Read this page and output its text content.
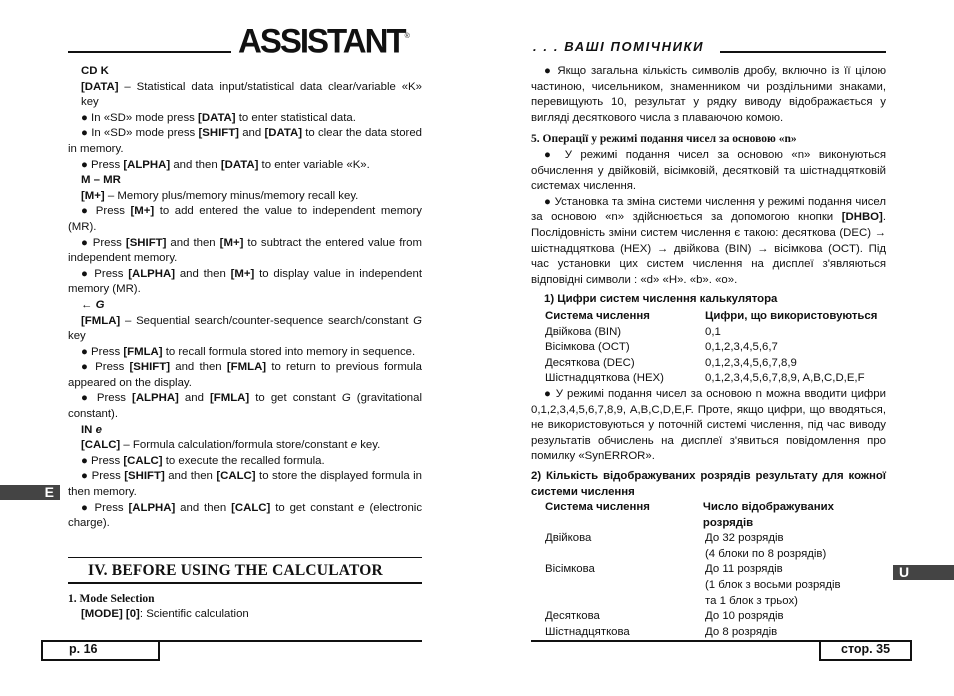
ASSISTANT®
. . . ВАШІ ПОМІЧНИКИ

CD K

[DATA] – Statistical data input/statistical data clear/variable «K» key

● In «SD» mode press [DATA] to enter statistical data.

● In «SD» mode press [SHIFT] and [DATA] to clear the data stored in memory.

● Press [ALPHA] and then [DATA] to enter variable «K».

M – MR

[M+] – Memory plus/memory minus/memory recall key.

● Press [M+] to add entered the value to independent memory (MR).

● Press [SHIFT] and then [M+] to subtract the entered value from independent memory.

● Press [ALPHA] and then [M+] to display value in independent memory (MR).

← G

[FMLA] – Sequential search/counter-sequence search/constant G key

● Press [FMLA] to recall formula stored into memory in sequence.

● Press [SHIFT] and then [FMLA] to return to previous formula appeared on the display.

● Press [ALPHA] and [FMLA] to get constant G (gravitational constant).

IN e

[CALC] – Formula calculation/formula store/constant e key.

● Press [CALC] to execute the recalled formula.

● Press [SHIFT] and then [CALC] to store the displayed formula in then memory.

● Press [ALPHA] and then [CALC] to get constant e (electronic charge).

E
IV. BEFORE USING THE CALCULATOR
1. Mode Selection
[MODE] [0]: Scientific calculation
p. 16

● Якщо загальна кількість символів дробу, включно із її цілою частиною, чисельником, знаменником чи роздільними знаками, перевищують 10, результат у рядку виводу відображається у вигляді десяткового числа з плаваючою комою.

5. Операції у режимі подання чисел за основою «n»

● У режимі подання чисел за основою «n» виконуються обчислення у двійковій, вісімковій, десятковій та шістнадцятковій системах числення.

● Установка та зміна системи числення у режимі подання чисел за основою «n» здійснюється за допомогою кнопки [DHBO]. Послідовність зміни систем числення є такою: десяткова (DEC) → шістнадцяткова (HEX) → двійкова (BIN) → вісімкова (OCT). Під час установки цих систем числення на дисплеї з'являються відповідні символи : «d» «H». «b». «o».

1) Цифри систем числення калькулятора

Система числення	Цифри, що використовуються
Двійкова (BIN)	0,1
Вісімкова (OCT)	0,1,2,3,4,5,6,7
Десяткова (DEC)	0,1,2,3,4,5,6,7,8,9
Шістнадцяткова (HEX)	0,1,2,3,4,5,6,7,8,9, A,B,C,D,E,F

● У режимі подання чисел за основою n можна вводити цифри 0,1,2,3,4,5,6,7,8,9, A,B,C,D,E,F. Проте, якщо цифри, що вводяться, не використовуються у поточній системі числення, під час виводу результатів обчислень на дисплеї з'явиться повідомлення про помилку «SynERROR».

2) Кількість відображуваних розрядів результату для кожної системи числення

Система числення	Число відображуваних розрядів
Двійкова	До 32 розрядів
(4 блоки по 8 розрядів)
Вісімкова	До 11 розрядів
(1 блок з восьми розрядів
та 1 блок з трьох)
Десяткова	До 10 розрядів
Шістнадцяткова	До 8 розрядів
U
стор. 35
